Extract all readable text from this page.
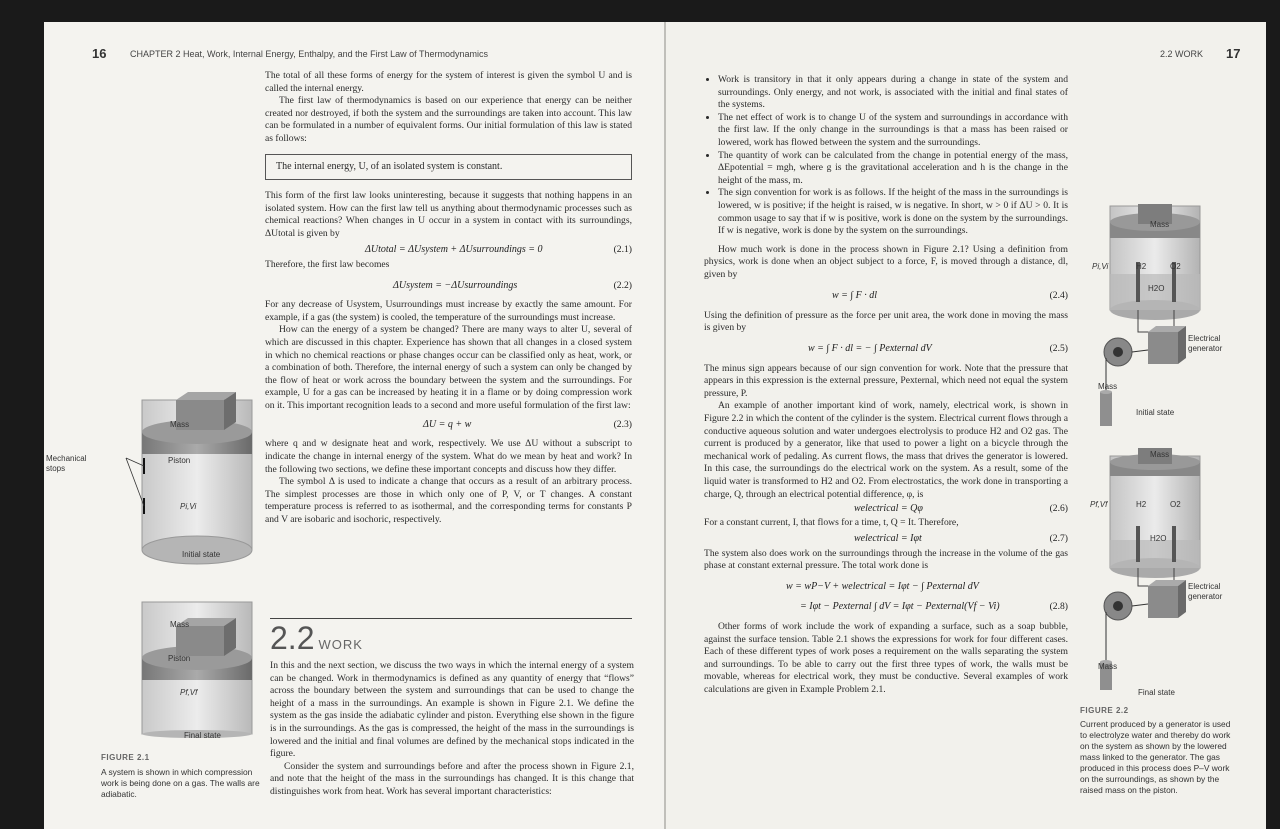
16	CHAPTER 2 Heat, Work, Internal Energy, Enthalpy, and the First Law of Thermodynamics

The total of all these forms of energy for the system of interest is given the symbol U and is called the internal energy.

The first law of thermodynamics is based on our experience that energy can be neither created nor destroyed, if both the system and the surroundings are taken into account. This law can be formulated in a number of equivalent forms. Our initial formulation of this law is stated as follows:

The internal energy, U, of an isolated system is constant.

This form of the first law looks uninteresting, because it suggests that nothing happens in an isolated system. How can the first law tell us anything about thermodynamic processes such as chemical reactions? When changes in U occur in a system in contact with its surroundings, ΔUtotal is given by

ΔUtotal = ΔUsystem + ΔUsurroundings = 0	(2.1)

Therefore, the first law becomes

ΔUsystem = −ΔUsurroundings	(2.2)

For any decrease of Usystem, Usurroundings must increase by exactly the same amount. For example, if a gas (the system) is cooled, the temperature of the surroundings must increase.

How can the energy of a system be changed? There are many ways to alter U, several of which are discussed in this chapter. Experience has shown that all changes in a closed system in which no chemical reactions or phase changes occur can be classified only as heat, work, or a combination of both. Therefore, the internal energy of such a system can only be changed by the flow of heat or work across the boundary between the system and the surroundings. For example, U for a gas can be increased by heating it in a flame or by doing compression work on it. This important recognition leads to a second and more useful formulation of the first law:

ΔU = q + w	(2.3)

where q and w designate heat and work, respectively. We use ΔU without a subscript to indicate the change in internal energy of the system. What do we mean by heat and work? In the following two sections, we define these important concepts and discuss how they differ.

The symbol Δ is used to indicate a change that occurs as a result of an arbitrary process. The simplest processes are those in which only one of P, V, or T changes. A constant temperature process is referred to as isothermal, and the corresponding terms for constants P and V are isobaric and isochoric, respectively.

2.2 WORK

In this and the next section, we discuss the two ways in which the internal energy of a system can be changed. Work in thermodynamics is defined as any quantity of energy that “flows” across the boundary between the system and surroundings that can be used to change the height of a mass in the surroundings. An example is shown in Figure 2.1. We define the system as the gas inside the adiabatic cylinder and piston. Everything else shown in the figure is in the surroundings. As the gas is compressed, the height of the mass in the surroundings is lowered and the initial and final volumes are defined by the mechanical stops indicated in the figure.

Consider the system and surroundings before and after the process shown in Figure 2.1, and note that the height of the mass in the surroundings has changed. It is this change that distinguishes work from heat. Work has several important characteristics:

Mass
Piston
Mechanical stops
Pi,Vi
Initial state
Mass
Piston
Pf,Vf
Final state
FIGURE 2.1
A system is shown in which compression work is being done on a gas. The walls are adiabatic.
2.2 WORK 17
• Work is transitory in that it only appears during a change in state of the system and surroundings. Only energy, and not work, is associated with the initial and final states of the systems.
• The net effect of work is to change U of the system and surroundings in accordance with the first law. If the only change in the surroundings is that a mass has been raised or lowered, work has flowed between the system and the surroundings.
• The quantity of work can be calculated from the change in potential energy of the mass, ΔEpotential = mgh, where g is the gravitational acceleration and h is the change in the height of the mass, m.
• The sign convention for work is as follows. If the height of the mass in the surroundings is lowered, w is positive; if the height is raised, w is negative. In short, w > 0 if ΔU > 0. It is common usage to say that if w is positive, work is done on the system by the surroundings. If w is negative, work is done by the system on the surroundings.

How much work is done in the process shown in Figure 2.1? Using a definition from physics, work is done when an object subject to a force, F, is moved through a distance, dl, given by

w = ∫ F · dl	(2.4)

Using the definition of pressure as the force per unit area, the work done in moving the mass is given by

w = ∫ F · dl = − ∫ Pexternal dV	(2.5)

The minus sign appears because of our sign convention for work. Note that the pressure that appears in this expression is the external pressure, Pexternal, which need not equal the system pressure, P.

An example of another important kind of work, namely, electrical work, is shown in Figure 2.2 in which the content of the cylinder is the system. Electrical current flows through a conductive aqueous solution and water undergoes electrolysis to produce H2 and O2 gas. The current is produced by a generator, like that used to power a light on a bicycle through the mechanical work of pedaling. As current flows, the mass that drives the generator is lowered. In this case, the surroundings do the electrical work on the system. As a result, some of the liquid water is transformed to H2 and O2. From electrostatics, the work done in transporting a charge, Q, through an electrical potential difference, φ, is

welectrical = Qφ	(2.6)

For a constant current, I, that flows for a time, t, Q = It. Therefore,

welectrical = Iφt	(2.7)

The system also does work on the surroundings through the increase in the volume of the gas phase at constant external pressure. The total work done is

w = wP−V + welectrical = Iφt − ∫ Pexternal dV
= Iφt − Pexternal ∫ dV = Iφt − Pexternal(Vf − Vi)	(2.8)

Other forms of work include the work of expanding a surface, such as a soap bubble, against the surface tension. Table 2.1 shows the expressions for work for four different cases. Each of these different types of work poses a requirement on the walls separating the system and surroundings. To be able to carry out the first three types of work, the walls must be movable, whereas for electrical work, they must be conductive. Several examples of work calculations are given in Example Problem 2.1.

Mass
Pi,Vi	H2	O2
H2O
Electrical generator
Mass
Initial state
Mass
Pf,Vf	H2	O2
H2O
Electrical generator
Mass
Final state
FIGURE 2.2
Current produced by a generator is used to electrolyze water and thereby do work on the system as shown by the lowered mass linked to the generator. The gas produced in this process does P–V work on the surroundings, as shown by the raised mass on the piston.
